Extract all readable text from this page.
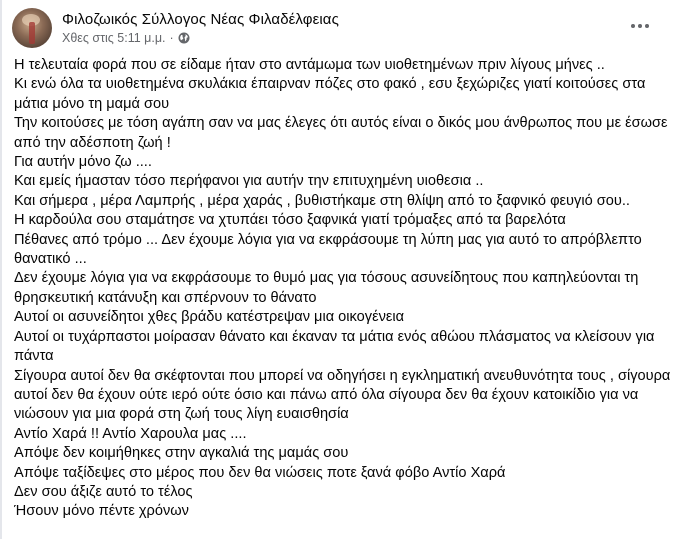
Φιλοζωικός Σύλλογος Νέας Φιλαδέλφειας
Χθες στις 5:11 μ.μ. ·

Η τελευταία φορά που σε είδαμε ήταν στο αντάμωμα των υιοθετημένων πριν λίγους μήνες ..

Κι ενώ όλα τα υιοθετημένα σκυλάκια έπαιρναν πόζες στο φακό , εσυ ξεχώριζες γιατί κοιτούσες στα μάτια μόνο τη μαμά σου

Την κοιτούσες με τόση αγάπη σαν να μας έλεγες ότι αυτός είναι ο δικός μου άνθρωπος που με έσωσε από την αδέσποτη ζωή !

Για αυτήν μόνο ζω ....

Και εμείς ήμασταν τόσο περήφανοι για αυτήν την επιτυχημένη υιοθεσια ..

Και σήμερα , μέρα Λαμπρής , μέρα χαράς , βυθιστήκαμε στη θλίψη από το ξαφνικό φευγιό σου..

Η καρδούλα σου σταμάτησε να χτυπάει τόσο ξαφνικά γιατί τρόμαξες από τα βαρελότα

Πέθανες από τρόμο ... Δεν έχουμε λόγια για να εκφράσουμε τη λύπη μας για αυτό το απρόβλεπτο θανατικό ...

Δεν έχουμε λόγια για να εκφράσουμε το θυμό μας για τόσους ασυνείδητους που καπηλεύονται τη θρησκευτική κατάνυξη και σπέρνουν το θάνατο

Αυτοί οι ασυνείδητοι χθες βράδυ κατέστρεψαν μια οικογένεια

Αυτοί οι τυχάρπαστοι μοίρασαν θάνατο και έκαναν τα μάτια ενός αθώου πλάσματος να κλείσουν για πάντα

Σίγουρα αυτοί δεν θα σκέφτονται που μπορεί να οδηγήσει η εγκληματική ανευθυνότητα τους , σίγουρα αυτοί δεν θα έχουν ούτε ιερό ούτε όσιο και πάνω από όλα σίγουρα δεν θα έχουν κατοικίδιο για να νιώσουν για μια φορά στη ζωή τους λίγη ευαισθησία

Αντίο Χαρά !! Αντίο Χαρουλα μας ....

Απόψε δεν κοιμήθηκες στην αγκαλιά της μαμάς σου

Απόψε ταξίδεψες στο μέρος που δεν θα νιώσεις ποτε ξανά φόβο Αντίο Χαρά

Δεν σου άξιζε αυτό το τέλος

Ήσουν μόνο πέντε χρόνων
